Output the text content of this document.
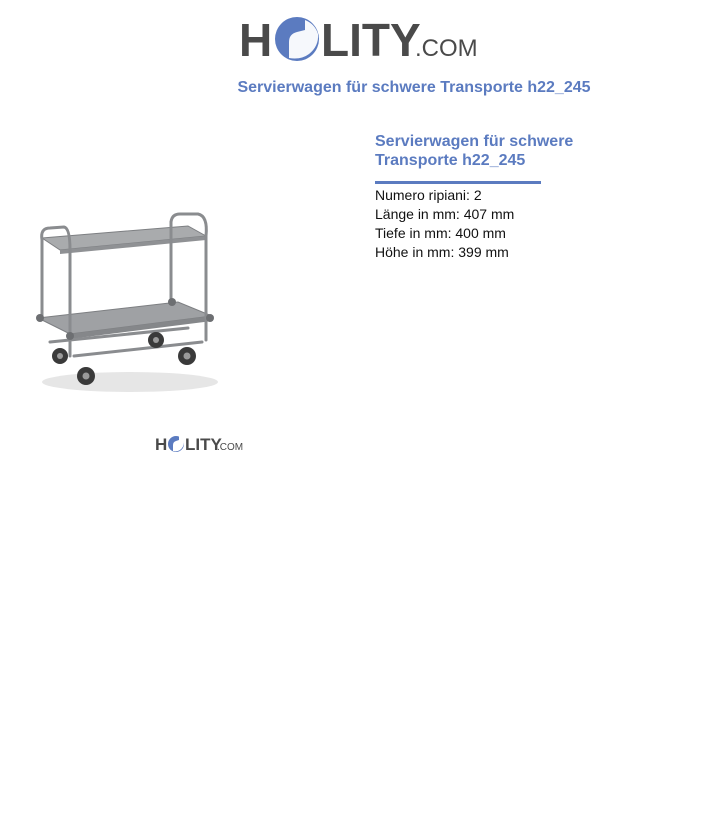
H LITY
.COM
Servierwagen für schwere Transporte h22_245
H LITY
.COM
Servierwagen für schwere
Transporte h22_245
Numero ripiani: 2
Länge in mm: 407 mm
Tiefe in mm: 400 mm
Höhe in mm: 399 mm
